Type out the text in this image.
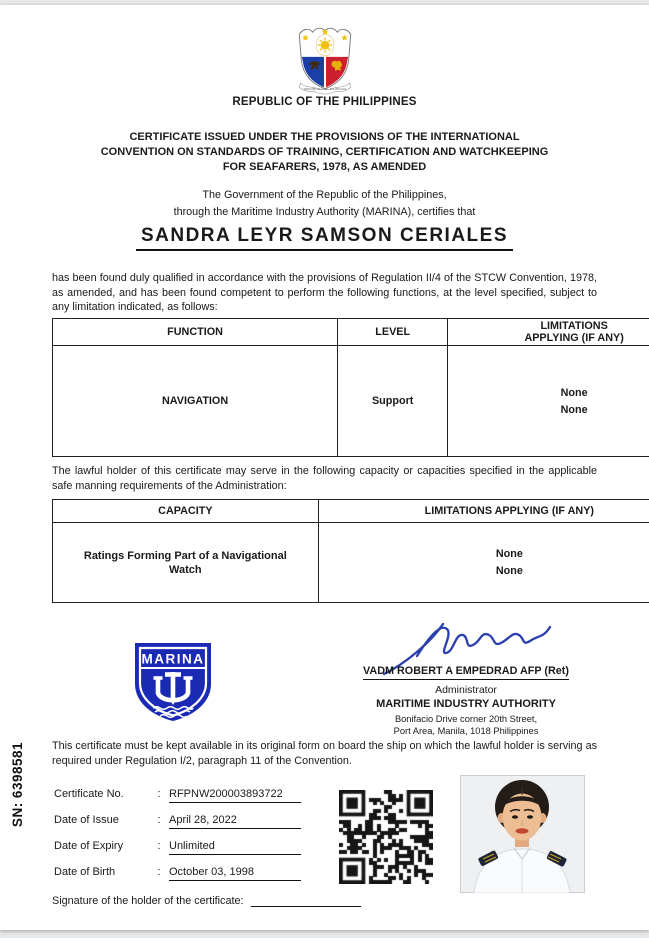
REPUBLIKA NG PILIPINAS
REPUBLIC OF THE PHILIPPINES
CERTIFICATE ISSUED UNDER THE PROVISIONS OF THE INTERNATIONAL
CONVENTION ON STANDARDS OF TRAINING, CERTIFICATION AND WATCHKEEPING
FOR SEAFARERS, 1978, AS AMENDED
The Government of the Republic of the Philippines,
through the Maritime Industry Authority (MARINA), certifies that
SANDRA LEYR SAMSON CERIALES
has been found duly qualified in accordance with the provisions of Regulation II/4 of the STCW Convention, 1978, as amended, and has been found competent to perform the following functions, at the level specified, subject to any limitation indicated, as follows:
FUNCTION	LEVEL	LIMITATIONS
APPLYING (IF ANY)

NAVIGATION	Support	None
None
The lawful holder of this certificate may serve in the following capacity or capacities specified in the applicable safe manning requirements of the Administration:
CAPACITY	LIMITATIONS APPLYING (IF ANY)
Ratings Forming Part of a Navigational Watch	None
None
MARINA
VADM ROBERT A EMPEDRAD AFP (Ret)
Administrator
MARITIME INDUSTRY AUTHORITY
Bonifacio Drive corner 20th Street,
Port Area, Manila, 1018 Philippines
This certificate must be kept available in its original form on board the ship on which the lawful holder is serving as required under Regulation I/2, paragraph 11 of the Convention.
Certificate No.	: RFPNW200003893722
Date of Issue	: April 28, 2022
Date of Expiry	: Unlimited
Date of Birth	: October 03, 1998
Signature of the holder of the certificate:
SN: 6398581
